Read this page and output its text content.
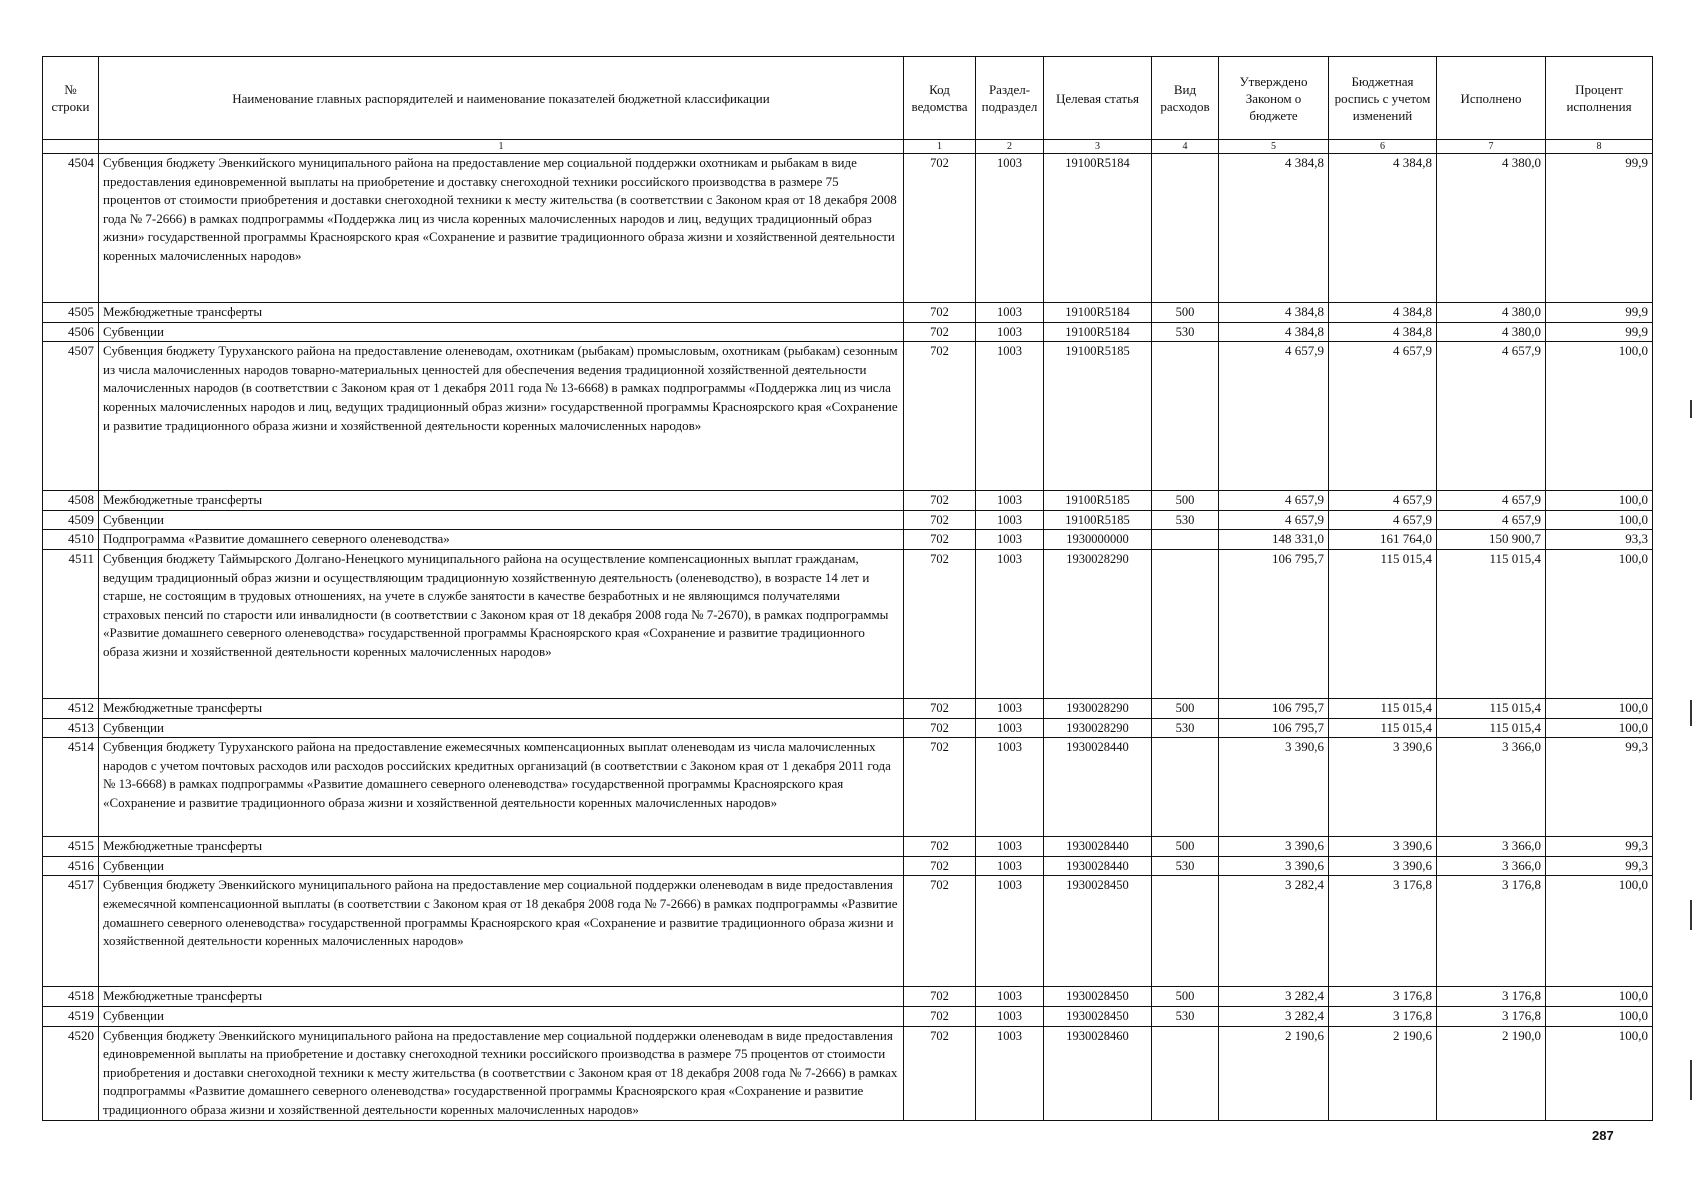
№ строки	Наименование главных распорядителей и наименование показателей бюджетной классификации	Код ведомства	Раздел-подраздел	Целевая статья	Вид расходов	Утверждено Законом о бюджете	Бюджетная роспись с учетом изменений	Исполнено	Процент исполнения
	1	1	2	3	4	5	6	7	8
4504	Субвенция бюджету Эвенкийского муниципального района на предоставление мер социальной поддержки охотникам и рыбакам в виде предоставления единовременной выплаты на приобретение и доставку снегоходной техники российского производства в размере 75 процентов от стоимости приобретения и доставки снегоходной техники к месту жительства (в соответствии с Законом края от 18 декабря 2008 года № 7-2666) в рамках подпрограммы «Поддержка лиц из числа коренных малочисленных народов и лиц, ведущих традиционный образ жизни» государственной программы Красноярского края «Сохранение и развитие традиционного образа жизни и хозяйственной деятельности коренных малочисленных народов»	702	1003	19100R5184		4 384,8	4 384,8	4 380,0	99,9
4505	Межбюджетные трансферты	702	1003	19100R5184	500	4 384,8	4 384,8	4 380,0	99,9
4506	Субвенции	702	1003	19100R5184	530	4 384,8	4 384,8	4 380,0	99,9
4507	Субвенция бюджету Туруханского района на предоставление оленеводам, охотникам (рыбакам) промысловым, охотникам (рыбакам) сезонным из числа малочисленных народов товарно-материальных ценностей для обеспечения ведения традиционной хозяйственной деятельности малочисленных народов (в соответствии с Законом края от 1 декабря 2011 года № 13-6668) в рамках подпрограммы «Поддержка лиц из числа коренных малочисленных народов и лиц, ведущих традиционный образ жизни» государственной программы Красноярского края «Сохранение и развитие традиционного образа жизни и хозяйственной деятельности коренных малочисленных народов»	702	1003	19100R5185		4 657,9	4 657,9	4 657,9	100,0
4508	Межбюджетные трансферты	702	1003	19100R5185	500	4 657,9	4 657,9	4 657,9	100,0
4509	Субвенции	702	1003	19100R5185	530	4 657,9	4 657,9	4 657,9	100,0
4510	Подпрограмма «Развитие домашнего северного оленеводства»	702	1003	1930000000		148 331,0	161 764,0	150 900,7	93,3
4511	Субвенция бюджету Таймырского Долгано-Ненецкого муниципального района на осуществление компенсационных выплат гражданам, ведущим традиционный образ жизни и осуществляющим традиционную хозяйственную деятельность (оленеводство), в возрасте 14 лет и старше, не состоящим в трудовых отношениях, на учете в службе занятости в качестве безработных и не являющимся получателями страховых пенсий по старости или инвалидности (в соответствии с Законом края от 18 декабря 2008 года № 7-2670), в рамках подпрограммы «Развитие домашнего северного оленеводства» государственной программы Красноярского края «Сохранение и развитие традиционного образа жизни и хозяйственной деятельности коренных малочисленных народов»	702	1003	1930028290		106 795,7	115 015,4	115 015,4	100,0
4512	Межбюджетные трансферты	702	1003	1930028290	500	106 795,7	115 015,4	115 015,4	100,0
4513	Субвенции	702	1003	1930028290	530	106 795,7	115 015,4	115 015,4	100,0
4514	Субвенция бюджету Туруханского района на предоставление ежемесячных компенсационных выплат оленеводам из числа малочисленных народов с учетом почтовых расходов или расходов российских кредитных организаций (в соответствии с Законом края от 1 декабря 2011 года № 13-6668) в рамках подпрограммы «Развитие домашнего северного оленеводства» государственной программы Красноярского края «Сохранение и развитие традиционного образа жизни и хозяйственной деятельности коренных малочисленных народов»	702	1003	1930028440		3 390,6	3 390,6	3 366,0	99,3
4515	Межбюджетные трансферты	702	1003	1930028440	500	3 390,6	3 390,6	3 366,0	99,3
4516	Субвенции	702	1003	1930028440	530	3 390,6	3 390,6	3 366,0	99,3
4517	Субвенция бюджету Эвенкийского муниципального района на предоставление мер социальной поддержки оленеводам в виде предоставления ежемесячной компенсационной выплаты (в соответствии с Законом края от 18 декабря 2008 года № 7-2666) в рамках подпрограммы «Развитие домашнего северного оленеводства» государственной программы Красноярского края «Сохранение и развитие традиционного образа жизни и хозяйственной деятельности коренных малочисленных народов»	702	1003	1930028450		3 282,4	3 176,8	3 176,8	100,0
4518	Межбюджетные трансферты	702	1003	1930028450	500	3 282,4	3 176,8	3 176,8	100,0
4519	Субвенции	702	1003	1930028450	530	3 282,4	3 176,8	3 176,8	100,0
4520	Субвенция бюджету Эвенкийского муниципального района на предоставление мер социальной поддержки оленеводам в виде предоставления единовременной выплаты на приобретение и доставку снегоходной техники российского производства в размере 75 процентов от стоимости приобретения и доставки снегоходной техники к месту жительства (в соответствии с Законом края от 18 декабря 2008 года № 7-2666) в рамках подпрограммы «Развитие домашнего северного оленеводства» государственной программы Красноярского края «Сохранение и развитие традиционного образа жизни и хозяйственной деятельности коренных малочисленных народов»	702	1003	1930028460		2 190,6	2 190,6	2 190,0	100,0
287
